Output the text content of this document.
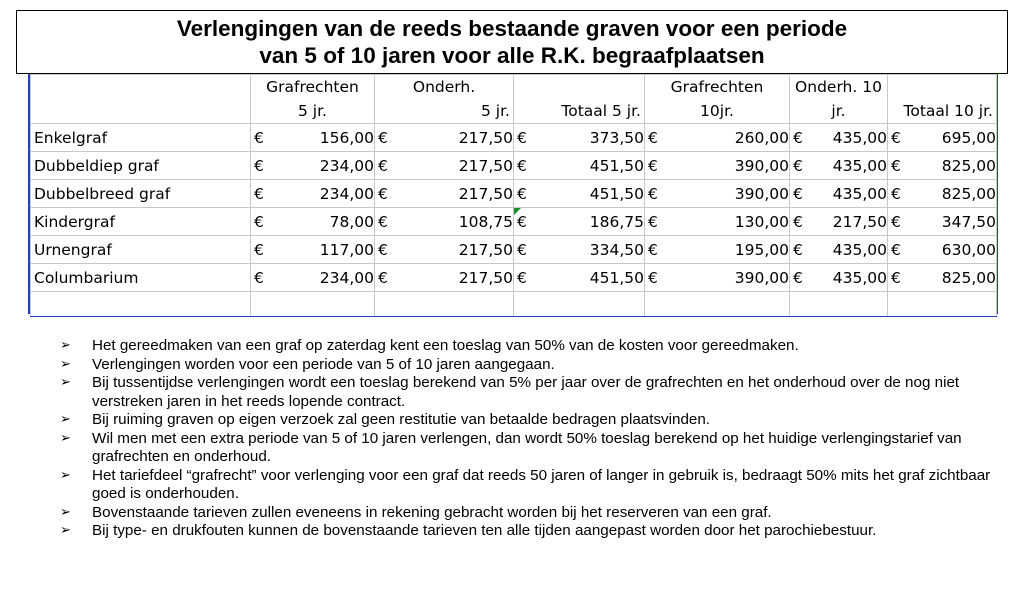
Verlengingen van de reeds bestaande graven voor een periode
van 5 of 10 jaren voor alle R.K. begraafplaatsen
	Grafrechten	Onderh.		Grafrechten	Onderh. 10	
	5 jr.	5 jr.	Totaal 5 jr.	10jr.	jr.	Totaal 10 jr.
Enkelgraf	€ 156,00	€ 217,50	€ 373,50	€ 260,00	€ 435,00	€ 695,00

Dubbeldiep graf	€ 234,00	€ 217,50	€ 451,50	€ 390,00	€ 435,00	€ 825,00

Dubbelbreed graf	€ 234,00	€ 217,50	€ 451,50	€ 390,00	€ 435,00	€ 825,00

Kindergraf	€ 78,00	€ 108,75	€ 186,75	€ 130,00	€ 217,50	€ 347,50

Urnengraf	€ 117,00	€ 217,50	€ 334,50	€ 195,00	€ 435,00	€ 630,00

Columbarium	€ 234,00	€ 217,50	€ 451,50	€ 390,00	€ 435,00	€ 825,00

➢ Het gereedmaken van een graf op zaterdag kent een toeslag van 50% van de kosten voor gereedmaken.
➢ Verlengingen worden voor een periode van 5 of 10 jaren aangegaan.
➢ Bij tussentijdse verlengingen wordt een toeslag berekend van 5% per jaar over de grafrechten en het onderhoud over de nog niet verstreken jaren in het reeds lopende contract.
➢ Bij ruiming graven op eigen verzoek zal geen restitutie van betaalde bedragen plaatsvinden.
➢ Wil men met een extra periode van 5 of 10 jaren verlengen, dan wordt 50% toeslag berekend op het huidige verlengingstarief van grafrechten en onderhoud.
➢ Het tariefdeel “grafrecht” voor verlenging voor een graf dat reeds 50 jaren of langer in gebruik is, bedraagt 50% mits het graf zichtbaar goed is onderhouden.
➢ Bovenstaande tarieven zullen eveneens in rekening gebracht worden bij het reserveren van een graf.
➢ Bij type- en drukfouten kunnen de bovenstaande tarieven ten alle tijden aangepast worden door het parochiebestuur.
